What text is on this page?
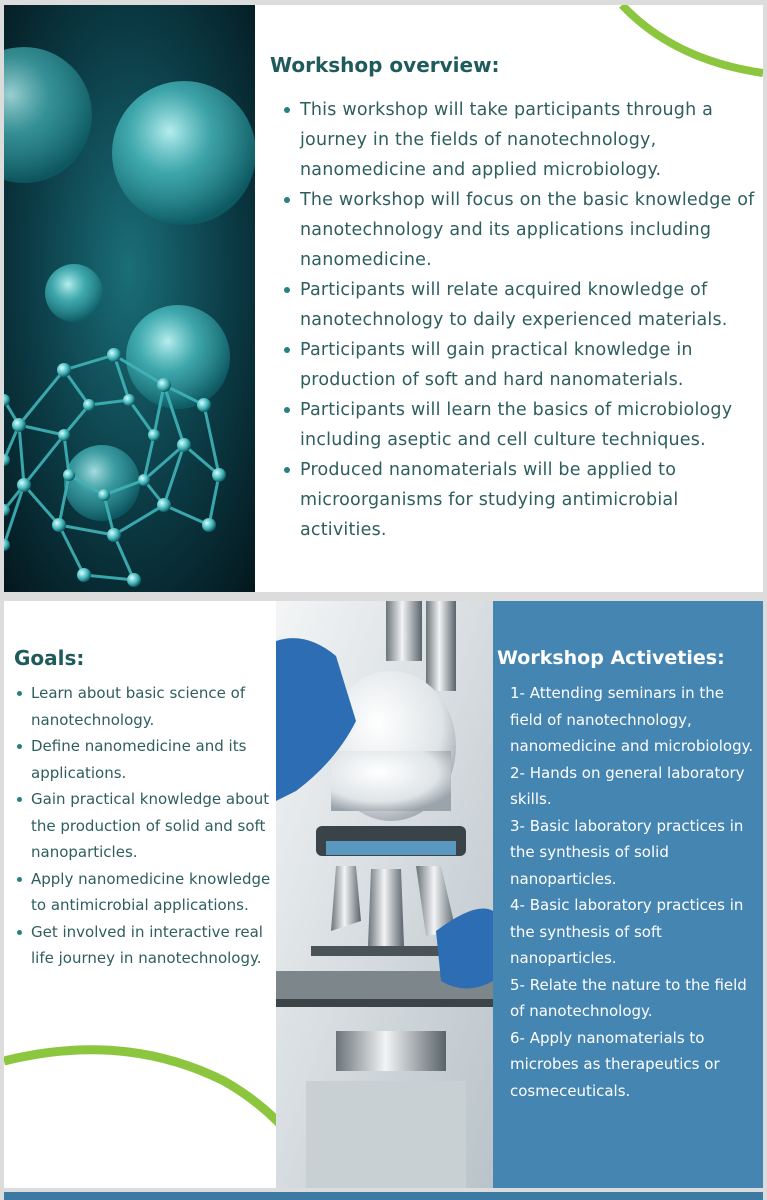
Workshop overview:
This workshop will take participants through a journey in the fields of nanotechnology, nanomedicine and applied microbiology.
The workshop will focus on the basic knowledge of nanotechnology and its applications including nanomedicine.
Participants will relate acquired knowledge of nanotechnology to daily experienced materials.
Participants will gain practical knowledge in production of soft and hard nanomaterials.
Participants will learn the basics of microbiology including aseptic and cell culture techniques.
Produced nanomaterials will be applied to microorganisms for studying antimicrobial activities.
Goals:
Learn about basic science of nanotechnology.
Define nanomedicine and its applications.
Gain practical knowledge about the production of solid and soft nanoparticles.
Apply nanomedicine knowledge to antimicrobial applications.
Get involved in interactive real life journey in nanotechnology.
Workshop Activeties:
1- Attending seminars in the field of nanotechnology, nanomedicine and microbiology.
2- Hands on general laboratory skills.
3- Basic laboratory practices in the synthesis of solid nanoparticles.
4- Basic laboratory practices in the synthesis of soft nanoparticles.
5- Relate the nature to the field of nanotechnology.
6- Apply nanomaterials to microbes as therapeutics or cosmeceuticals.
